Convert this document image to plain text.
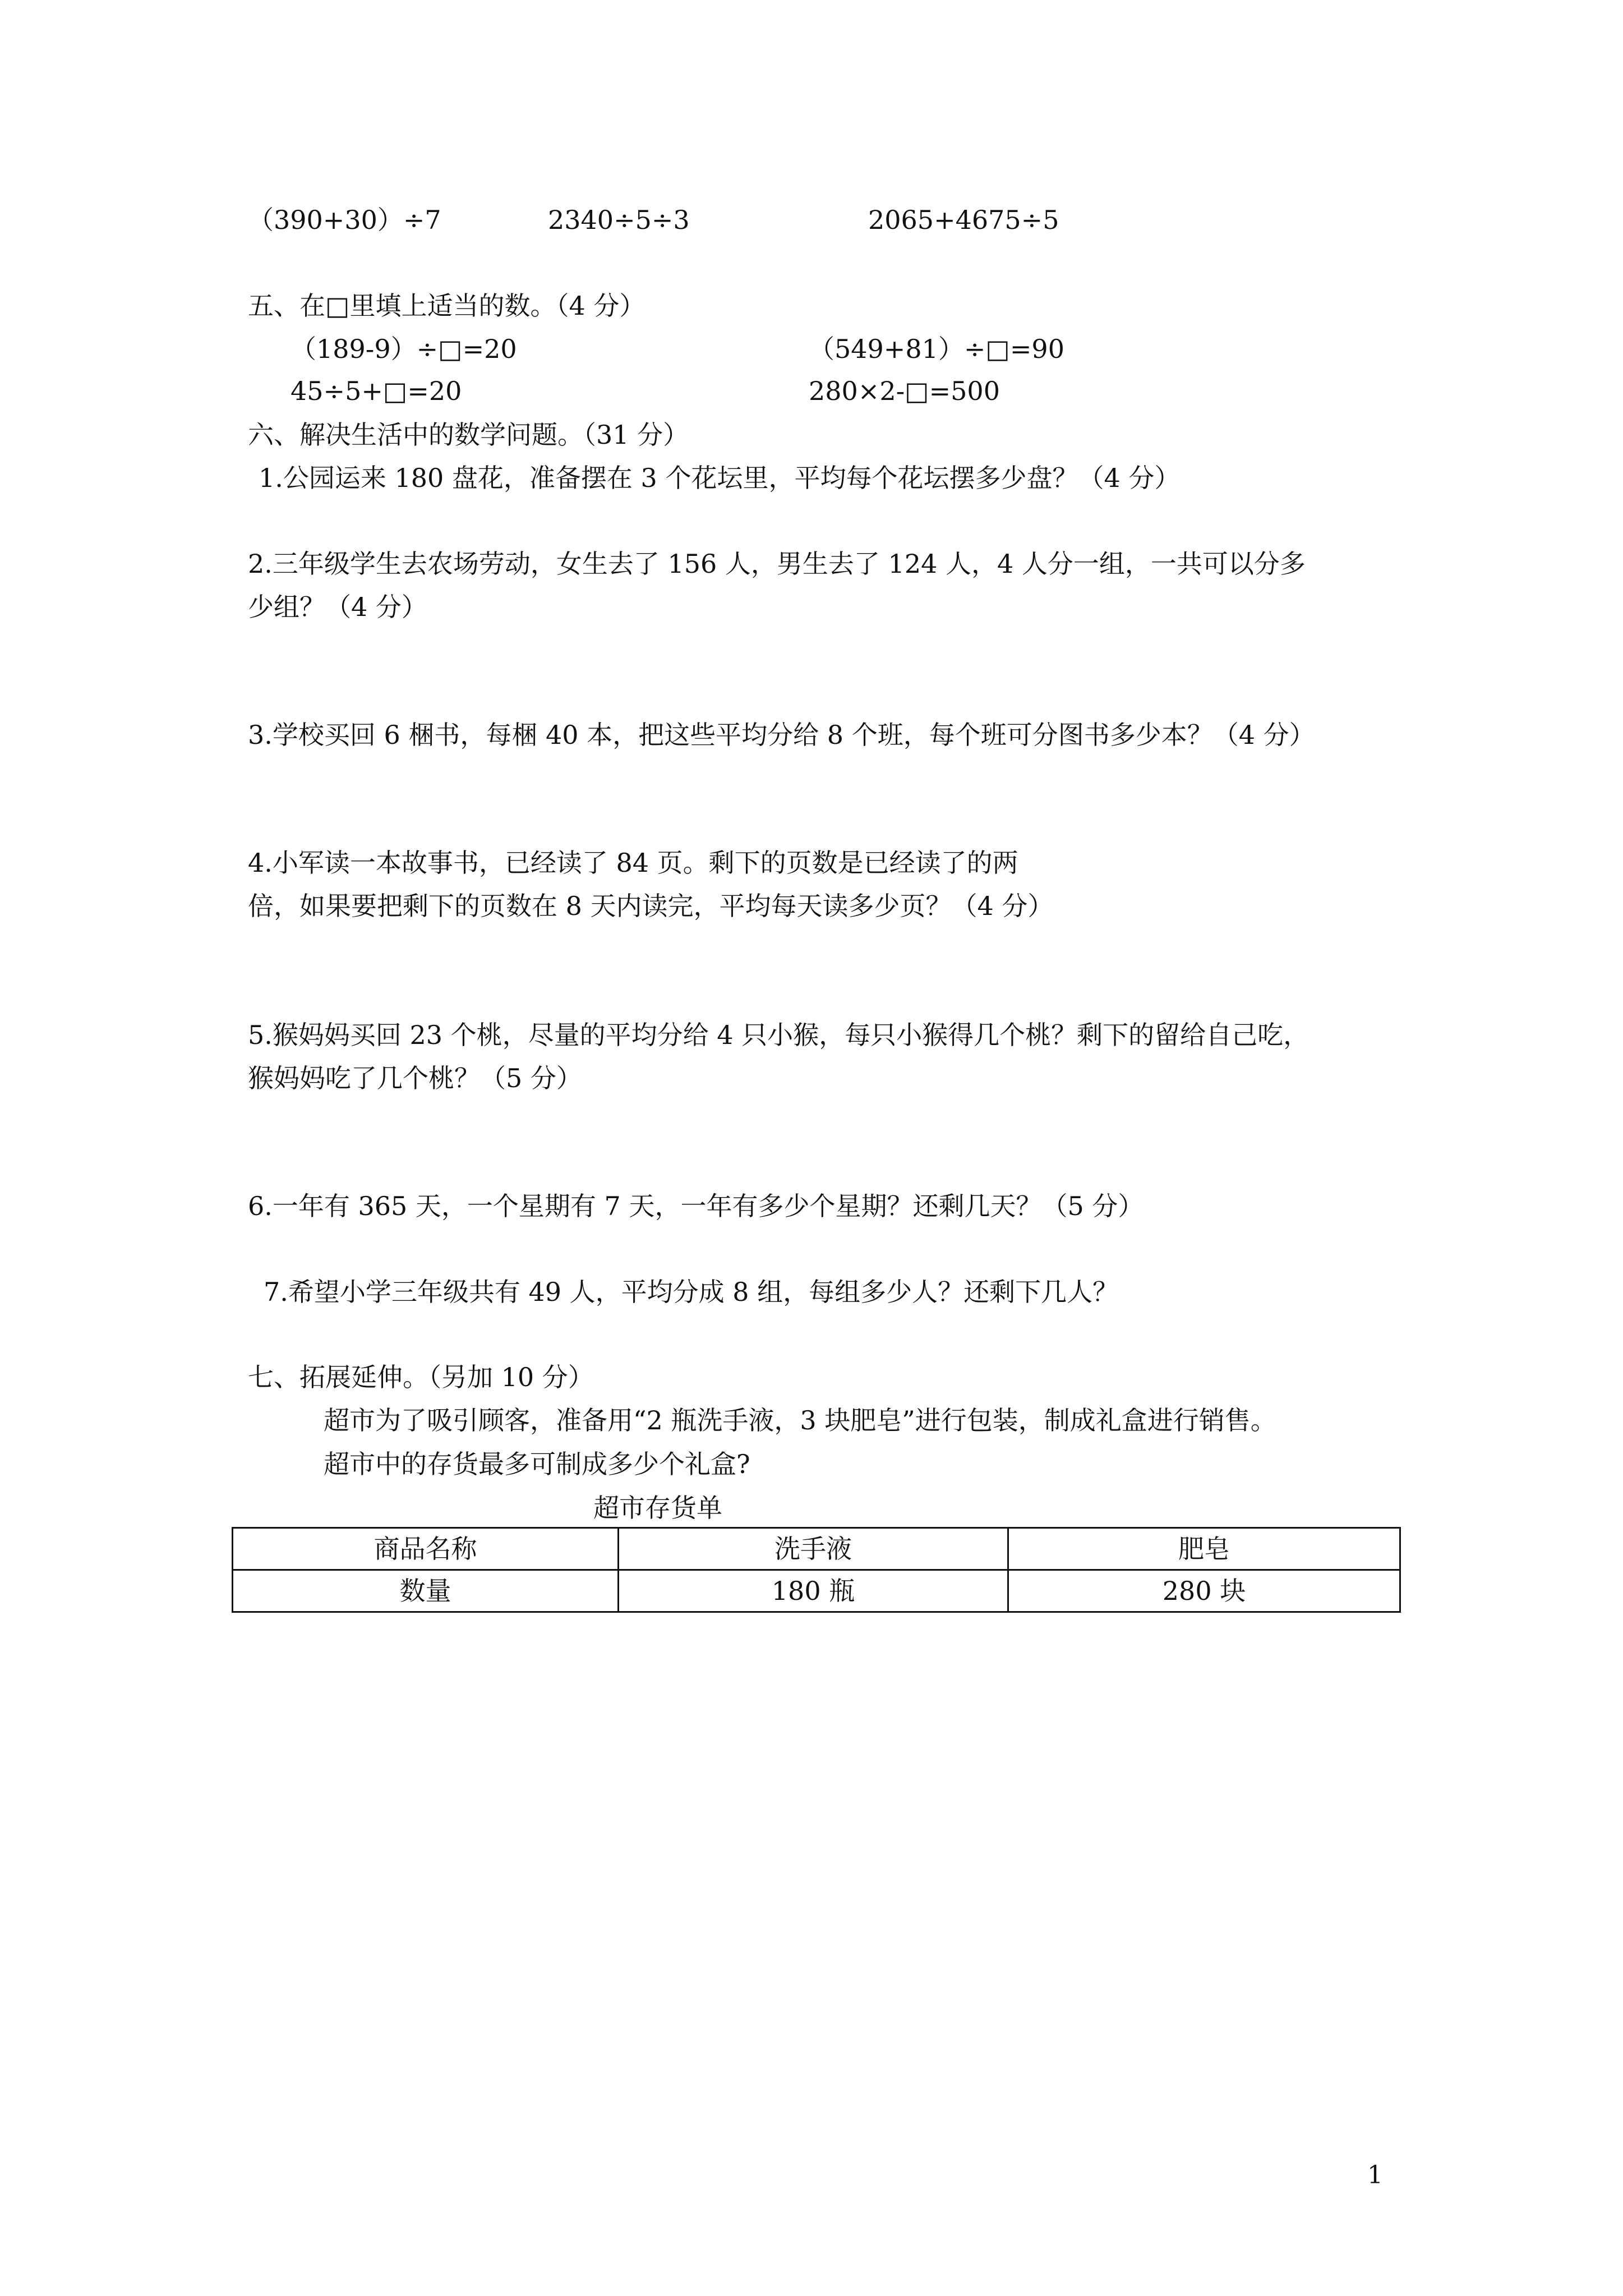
（390+30）÷7	2340÷5÷3	2065+4675÷5
五、在□里填上适当的数。（4 分）
（189-9）÷□=20	（549+81）÷□=90
45÷5+□=20	280×2-□=500
六、解决生活中的数学问题。（31 分）
1.公园运来 180 盘花，准备摆在 3 个花坛里，平均每个花坛摆多少盘？（4 分）
2.三年级学生去农场劳动，女生去了 156 人，男生去了 124 人，4 人分一组，一共可以分多
少组？（4 分）
3.学校买回 6 梱书，每梱 40 本，把这些平均分给 8 个班，每个班可分图书多少本？（4 分）
4.小军读一本故事书，已经读了 84 页。剩下的页数是已经读了的两
倍，如果要把剩下的页数在 8 天内读完，平均每天读多少页？（4 分）
5.猴妈妈买回 23 个桃，尽量的平均分给 4 只小猴，每只小猴得几个桃？剩下的留给自己吃，
猴妈妈吃了几个桃？（5 分）
6.一年有 365 天，一个星期有 7 天，一年有多少个星期？还剩几天？（5 分）
7.希望小学三年级共有 49 人，平均分成 8 组，每组多少人？还剩下几人？
七、拓展延伸。（另加 10 分）
超市为了吸引顾客，准备用“2 瓶洗手液，3 块肥皂”进行包装，制成礼盒进行销售。
超市中的存货最多可制成多少个礼盒?
超市存货单
商品名称	洗手液	肥皂
数量	180 瓶	280 块
1
